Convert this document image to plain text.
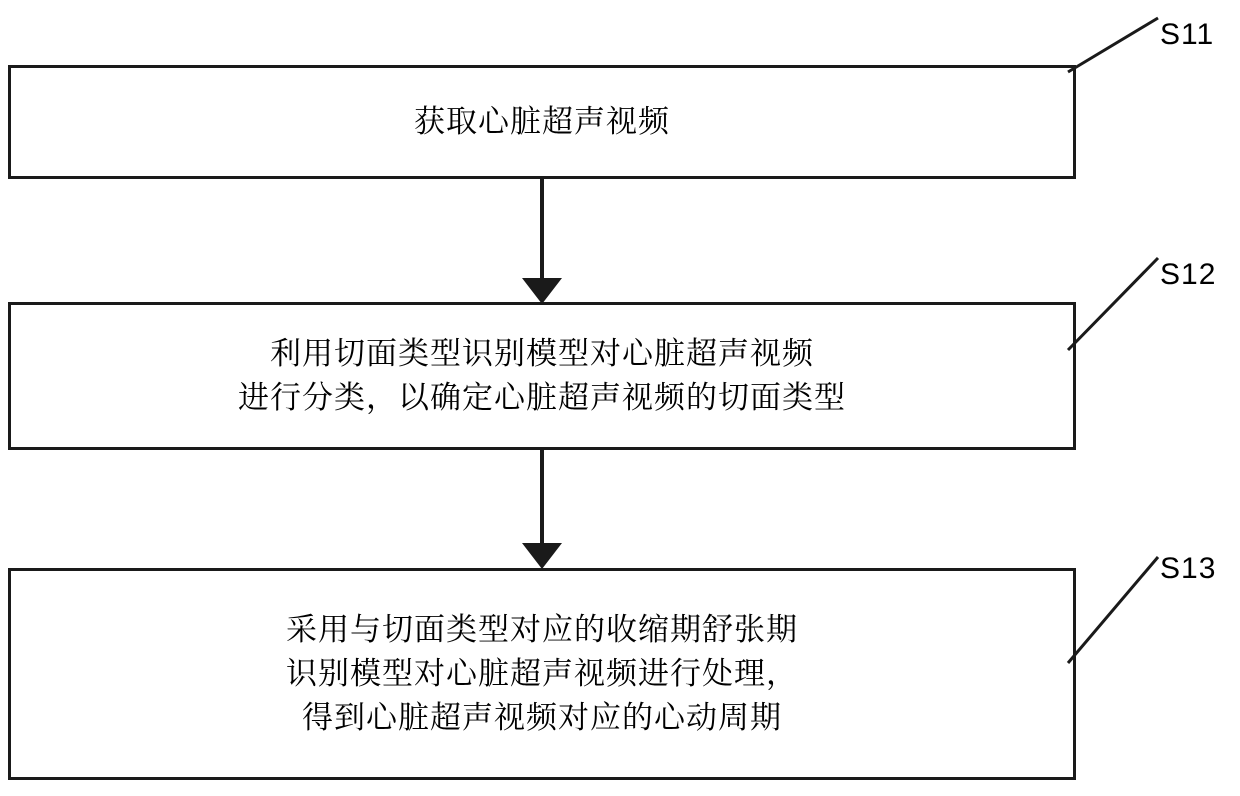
获取心脏超声视频
S11
利用切面类型识别模型对心脏超声视频
进行分类，以确定心脏超声视频的切面类型
S12
采用与切面类型对应的收缩期舒张期
识别模型对心脏超声视频进行处理，
得到心脏超声视频对应的心动周期
S13
